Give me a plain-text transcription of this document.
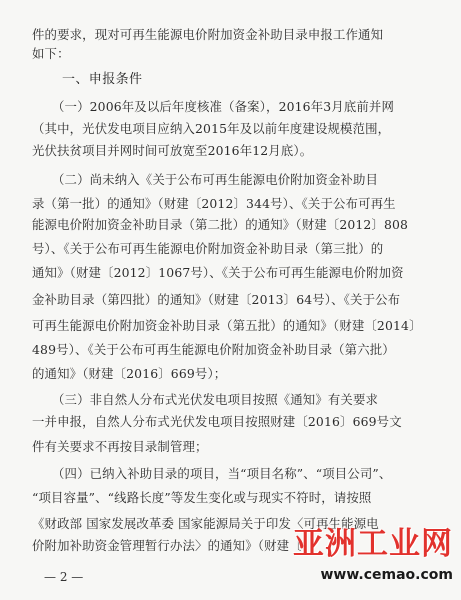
件的要求，现对可再生能源电价附加资金补助目录申报工作通知
如下：
一、申报条件
（一）2006年及以后年度核准（备案），2016年3月底前并网
（其中，光伏发电项目应纳入2015年及以前年度建设规模范围，
光伏扶贫项目并网时间可放宽至2016年12月底）。
（二）尚未纳入《关于公布可再生能源电价附加资金补助目
录（第一批）的通知》（财建〔2012〕344号）、《关于公布可再生
能源电价附加资金补助目录（第二批）的通知》（财建〔2012〕808
号）、《关于公布可再生能源电价附加资金补助目录（第三批）的
通知》（财建〔2012〕1067号）、《关于公布可再生能源电价附加资
金补助目录（第四批）的通知》（财建〔2013〕64号）、《关于公布
可再生能源电价附加资金补助目录（第五批）的通知》（财建〔2014〕
489号）、《关于公布可再生能源电价附加资金补助目录（第六批）
的通知》（财建〔2016〕669号）；
（三）非自然人分布式光伏发电项目按照《通知》有关要求
一并申报，自然人分布式光伏发电项目按照财建〔2016〕669号文
件有关要求不再按目录制管理；
（四）已纳入补助目录的项目，当“项目名称”、“项目公司”、
“项目容量”、“线路长度”等发生变化或与现实不符时，请按照
《财政部 国家发展改革委 国家能源局关于印发〈可再生能源电
价附加补助资金管理暂行办法〉的通知》（财建〔
— 2 —
亚洲工业网
www.cemao.com
